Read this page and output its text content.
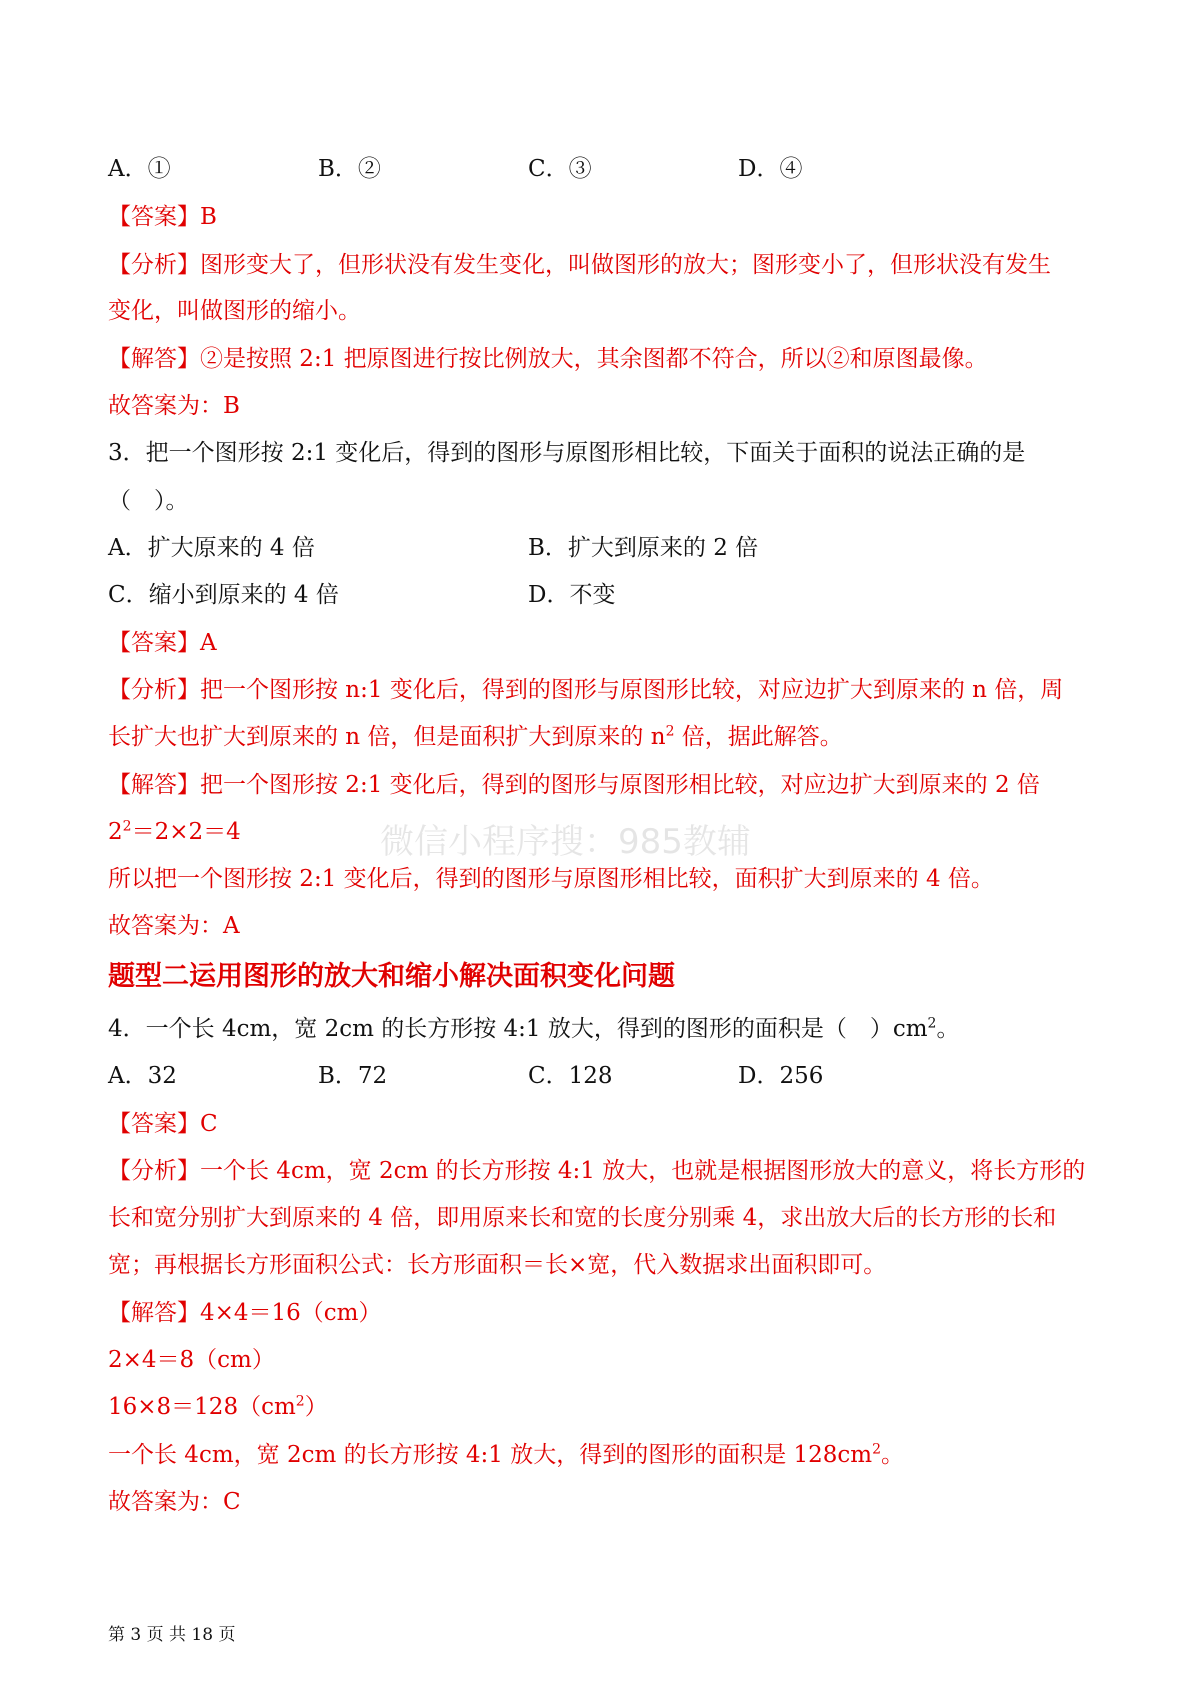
A．①	B．②	C．③	D．④
【答案】B
【分析】图形变大了，但形状没有发生变化，叫做图形的放大；图形变小了，但形状没有发生
变化，叫做图形的缩小。
【解答】②是按照 2:1 把原图进行按比例放大，其余图都不符合，所以②和原图最像。
故答案为：B
3．把一个图形按 2:1 变化后，得到的图形与原图形相比较，下面关于面积的说法正确的是
（　）。
A．扩大原来的 4 倍	B．扩大到原来的 2 倍
C．缩小到原来的 4 倍	D．不变
【答案】A
【分析】把一个图形按 n:1 变化后，得到的图形与原图形比较，对应边扩大到原来的 n 倍，周
长扩大也扩大到原来的 n 倍，但是面积扩大到原来的 $n^2$ 倍，据此解答。
【解答】把一个图形按 2:1 变化后，得到的图形与原图形相比较，对应边扩大到原来的 2 倍
$2^2=2\times 2=4$
所以把一个图形按 2:1 变化后，得到的图形与原图形相比较，面积扩大到原来的 4 倍。
故答案为：A
题型二运用图形的放大和缩小解决面积变化问题
4．一个长 4cm，宽 2cm 的长方形按 4:1 放大，得到的图形的面积是（　）$cm^2$。
A．32	B．72	C．128	D．256
【答案】C
【分析】一个长 4cm，宽 2cm 的长方形按 4:1 放大，也就是根据图形放大的意义，将长方形的
长和宽分别扩大到原来的 4 倍，即用原来长和宽的长度分别乘 4，求出放大后的长方形的长和
宽；再根据长方形面积公式：长方形面积＝长×宽，代入数据求出面积即可。
【解答】4×4＝16（cm）
2×4＝8（cm）
$16\times 8=128(cm^2)$
一个长 4cm，宽 2cm 的长方形按 4:1 放大，得到的图形的面积是 $128cm^2$。
故答案为：C
微信小程序搜：985教辅
第 3 页 共 18 页
